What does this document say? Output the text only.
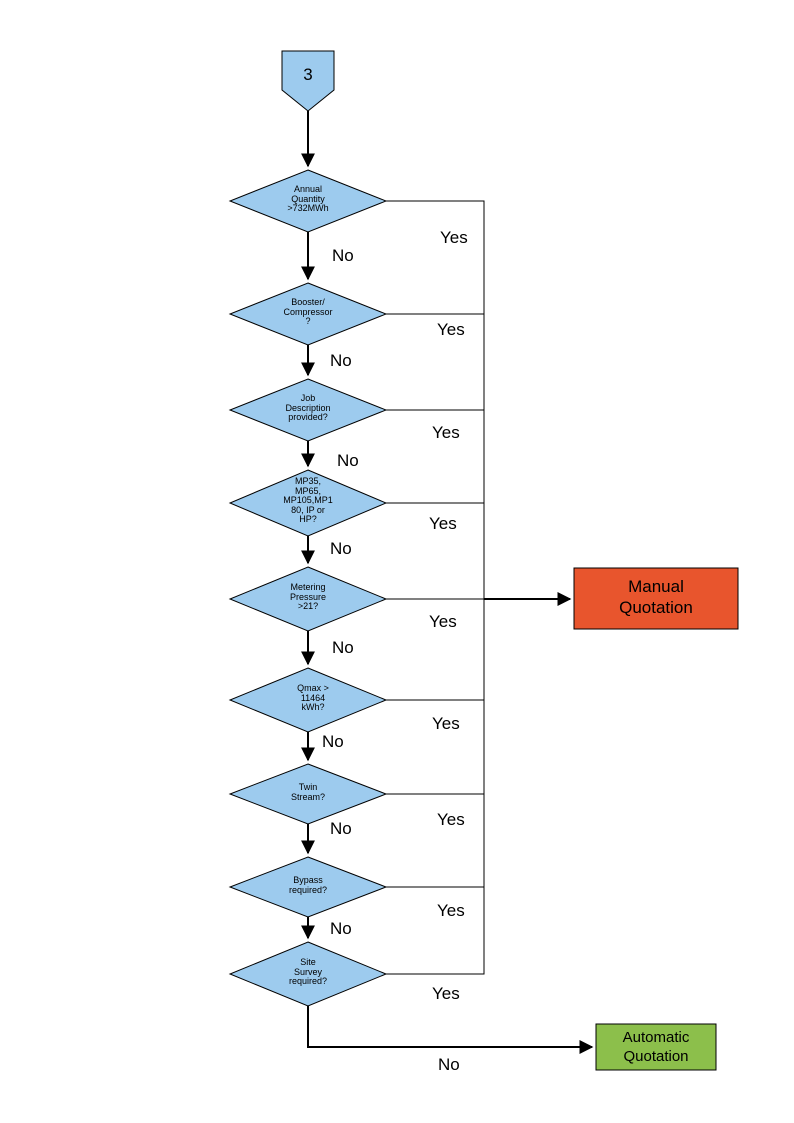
3
Annual
Quantity
>732MWh
Booster/
Compressor
?
Job
Description
provided?
MP35,
MP65,
MP105,MP1
80, IP or
HP?
Metering
Pressure
>21?
Qmax >
11464
kWh?
Twin
Stream?
Bypass
required?
Site
Survey
required?
Manual
Quotation
Automatic
Quotation
Yes
Yes
Yes
Yes
Yes
Yes
Yes
Yes
Yes
No
No
No
No
No
No
No
No
No
